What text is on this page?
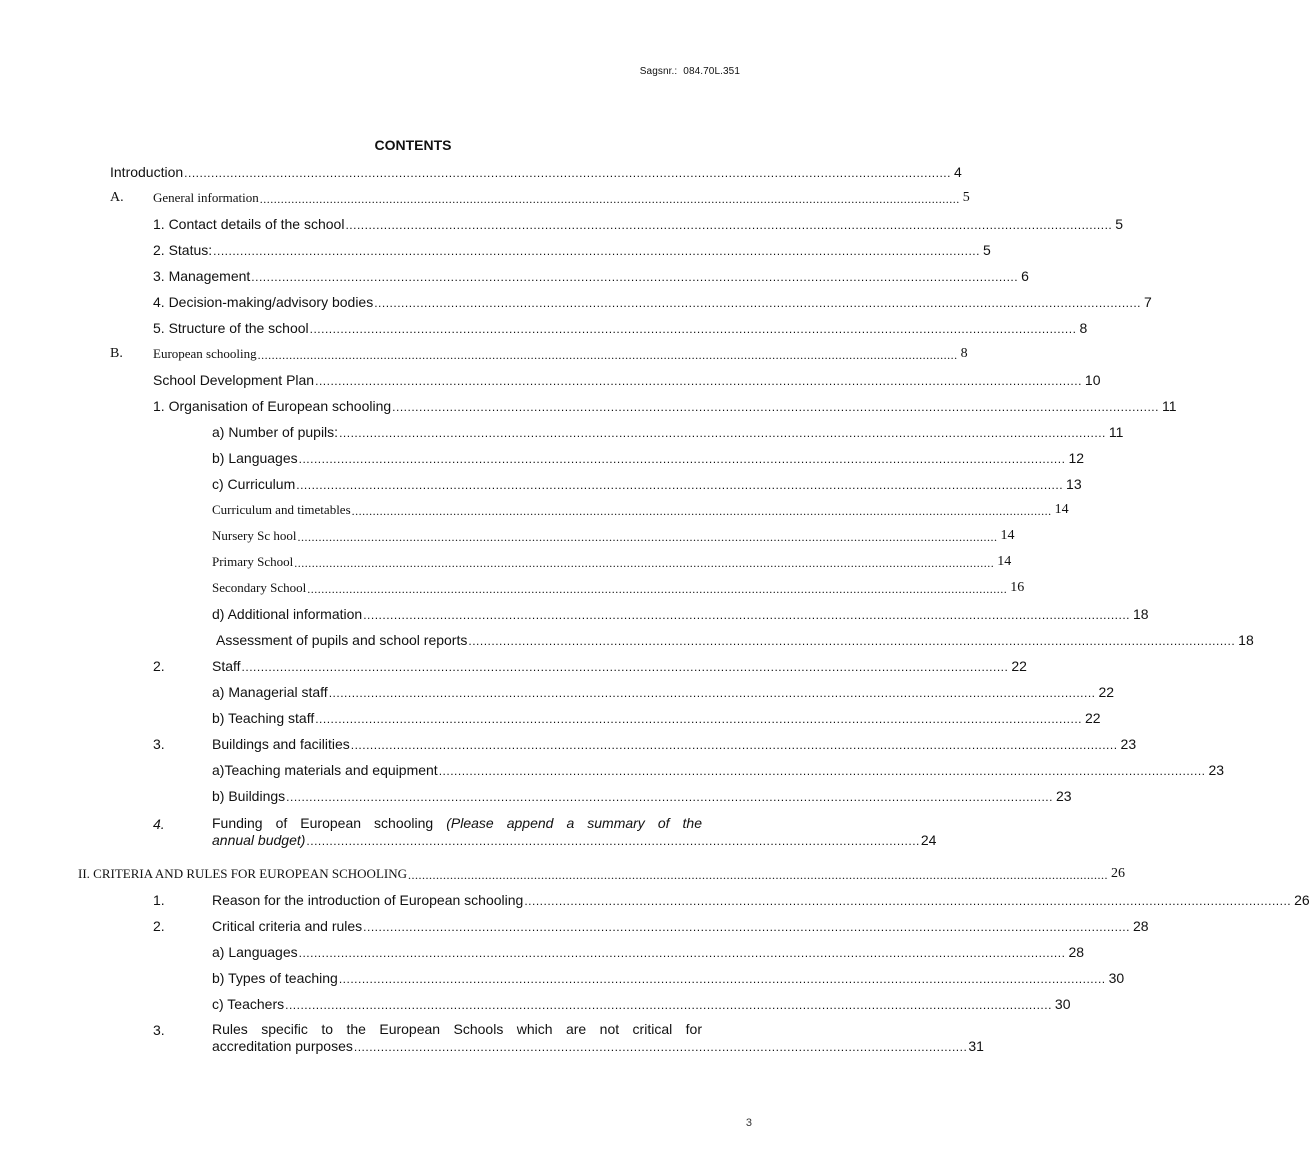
Sagsnr.: 084.70L.351
CONTENTS
Introduction ........................................................................................................................................................................................................ 4
A. General information ........................................................................................................................................................................................................ 5
1. Contact details of the school ........................................................................................................................................................................................................ 5
2. Status: ........................................................................................................................................................................................................ 5
3. Management ........................................................................................................................................................................................................ 6
4. Decision-making/advisory bodies ........................................................................................................................................................................................................ 7
5. Structure of the school ........................................................................................................................................................................................................ 8
B. European schooling ........................................................................................................................................................................................................ 8
School Development Plan ........................................................................................................................................................................................................ 10
1. Organisation of European schooling ........................................................................................................................................................................................................ 11
a) Number of pupils: ........................................................................................................................................................................................................ 11
b) Languages ........................................................................................................................................................................................................ 12
c) Curriculum ........................................................................................................................................................................................................ 13
Curriculum and timetables ........................................................................................................................................................................................................ 14
Nursery Sc hool ........................................................................................................................................................................................................ 14
Primary School ........................................................................................................................................................................................................ 14
Secondary School ........................................................................................................................................................................................................ 16
d) Additional information ........................................................................................................................................................................................................ 18
Assessment of pupils and school reports ........................................................................................................................................................................................................ 18
2.	Staff ........................................................................................................................................................................................................ 22
a) Managerial staff ........................................................................................................................................................................................................ 22
b) Teaching staff ........................................................................................................................................................................................................ 22
3.	Buildings and facilities ........................................................................................................................................................................................................ 23
a)Teaching materials and equipment ........................................................................................................................................................................................................ 23
b) Buildings ........................................................................................................................................................................................................ 23
4.	Funding of European schooling (Please append a summary of the
annual budget) ................................................................................................................................................................ 24
II. CRITERIA AND RULES FOR EUROPEAN SCHOOLING ........................................................................................................................................................................................................ 26
1.	Reason for the introduction of European schooling ........................................................................................................................................................................................................ 26
2.	Critical criteria and rules ........................................................................................................................................................................................................ 28
a) Languages ........................................................................................................................................................................................................ 28
b) Types of teaching ........................................................................................................................................................................................................ 30
c) Teachers ........................................................................................................................................................................................................ 30
3.	Rules specific to the European Schools which are not critical for
accreditation purposes ................................................................................................................................................................ 31
3
